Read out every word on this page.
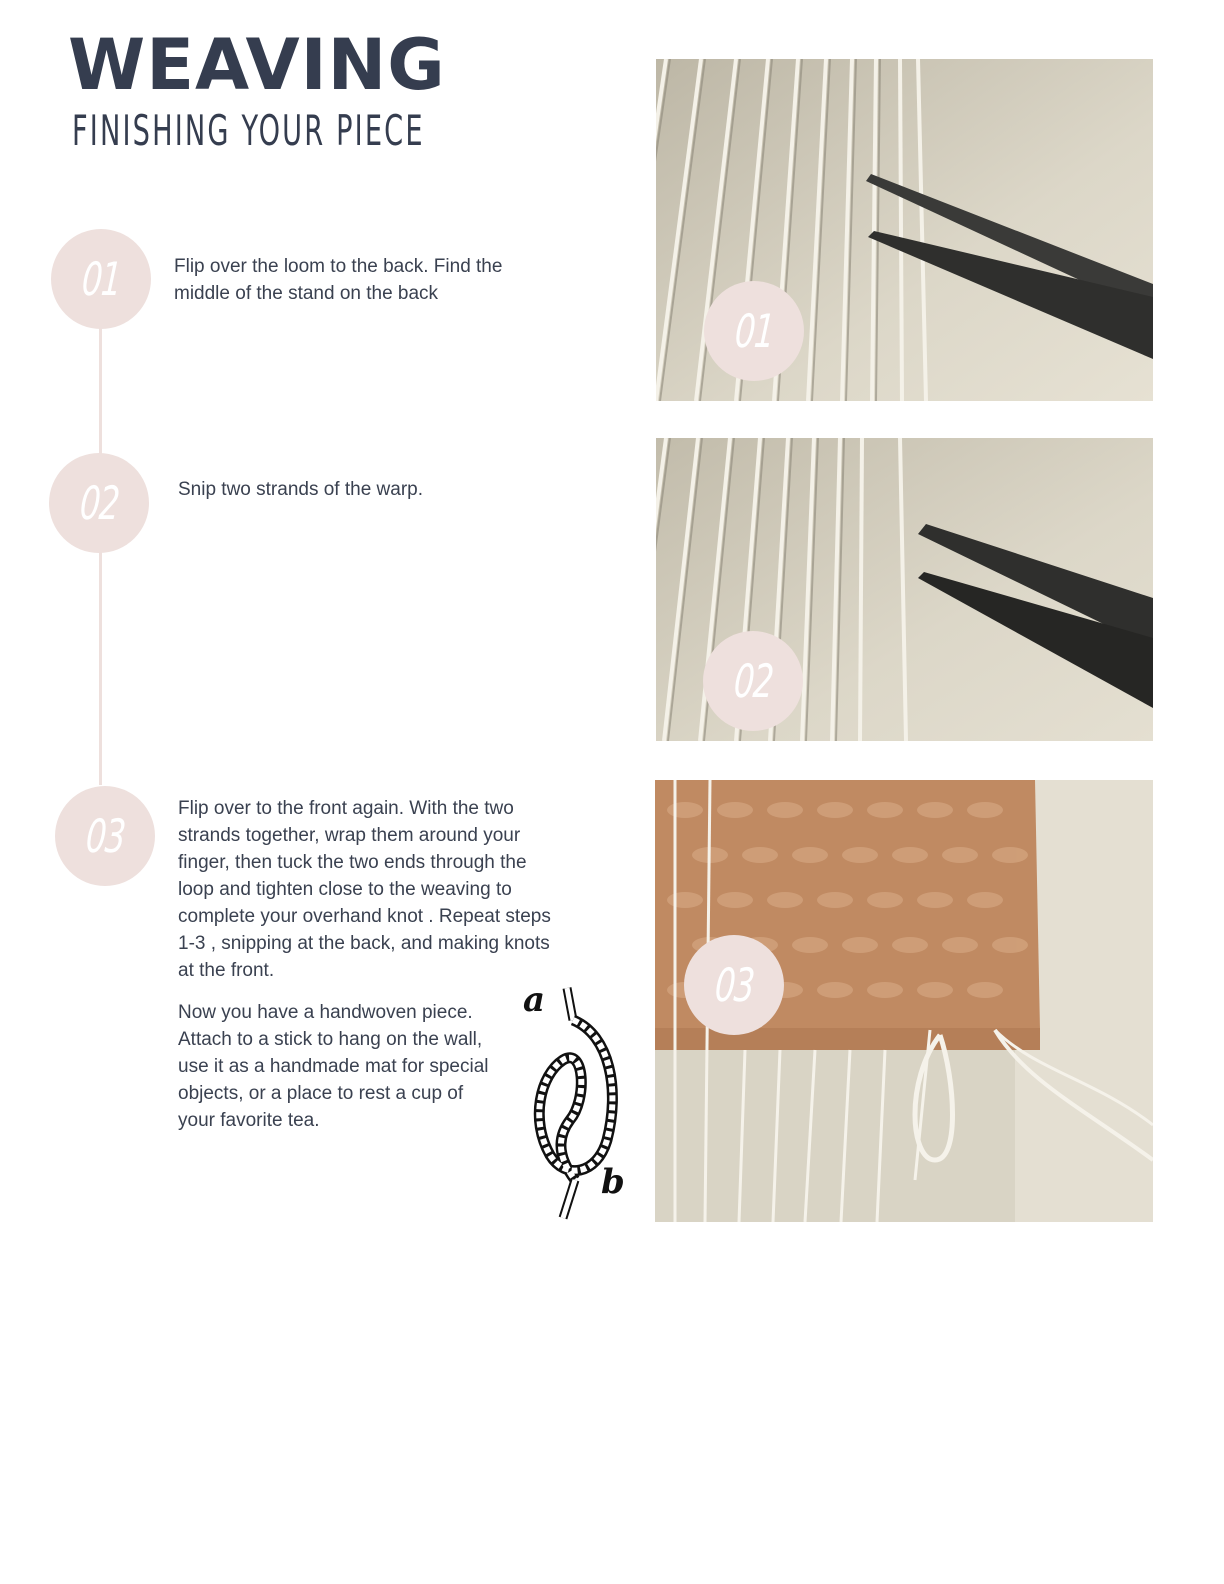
WEAVING
FINISHING YOUR PIECE
01	Flip over the loom to the back. Find the middle of the stand on the back

02	Snip two strands of the warp.

03

Flip over to the front again. With the two strands together, wrap them around your finger, then tuck the two ends through the loop and tighten close to the weaving to complete your overhand knot . Repeat steps 1-3 , snipping at the back, and making knots at the front.

Now you have a handwoven piece. Attach to a stick to hang on the wall, use it as a handmade mat for special objects, or a place to rest a cup of your favorite tea.

a
b
01
02
03
